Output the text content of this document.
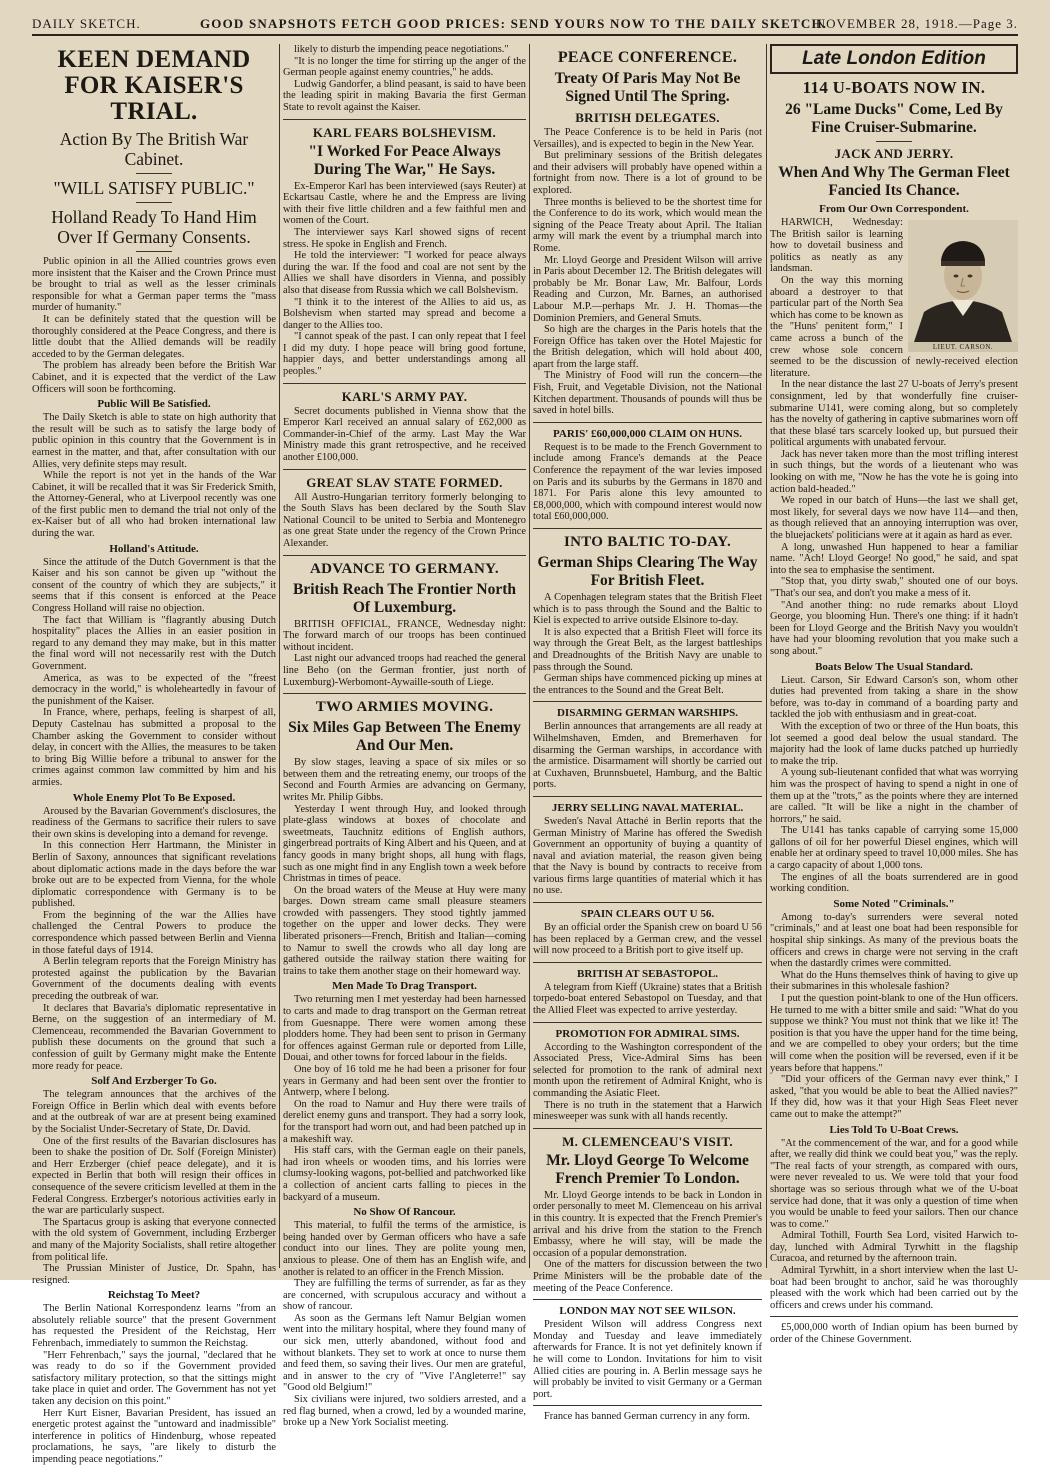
DAILY SKETCH.	GOOD SNAPSHOTS FETCH GOOD PRICES: SEND YOURS NOW TO THE DAILY SKETCH.
NOVEMBER 28, 1918.—Page 3.
KEEN DEMAND FOR KAISER'S TRIAL.
Action By The British War Cabinet.
"WILL SATISFY PUBLIC."
Holland Ready To Hand Him Over If Germany Consents.

Public opinion in all the Allied countries grows even more insistent that the Kaiser and the Crown Prince must be brought to trial as well as the lesser criminals responsible for what a German paper terms the "mass murder of humanity."

It can be definitely stated that the question will be thoroughly considered at the Peace Congress, and there is little doubt that the Allied demands will be readily acceded to by the German delegates.

The problem has already been before the British War Cabinet, and it is expected that the verdict of the Law Officers will soon be forthcoming.

Public Will Be Satisfied.

The Daily Sketch is able to state on high authority that the result will be such as to satisfy the large body of public opinion in this country that the Government is in earnest in the matter, and that, after consultation with our Allies, very definite steps may result.

While the report is not yet in the hands of the War Cabinet, it will be recalled that it was Sir Frederick Smith, the Attorney-General, who at Liverpool recently was one of the first public men to demand the trial not only of the ex-Kaiser but of all who had broken international law during the war.

Holland's Attitude.

Since the attitude of the Dutch Government is that the Kaiser and his son cannot be given up "without the consent of the country of which they are subjects," it seems that if this consent is enforced at the Peace Congress Holland will raise no objection.

The fact that William is "flagrantly abusing Dutch hospitality" places the Allies in an easier position in regard to any demand they may make, but in this matter the final word will not necessarily rest with the Dutch Government.

America, as was to be expected of the "freest democracy in the world," is wholeheartedly in favour of the punishment of the Kaiser.

In France, where, perhaps, feeling is sharpest of all, Deputy Castelnau has submitted a proposal to the Chamber asking the Government to consider without delay, in concert with the Allies, the measures to be taken to bring Big Willie before a tribunal to answer for the crimes against common law committed by him and his armies.

Whole Enemy Plot To Be Exposed.

Aroused by the Bavarian Government's disclosures, the readiness of the Germans to sacrifice their rulers to save their own skins is developing into a demand for revenge.

In this connection Herr Hartmann, the Minister in Berlin of Saxony, announces that significant revelations about diplomatic actions made in the days before the war broke out are to be expected from Vienna, for the whole diplomatic correspondence with Germany is to be published.

From the beginning of the war the Allies have challenged the Central Powers to produce the correspondence which passed between Berlin and Vienna in those fateful days of 1914.

A Berlin telegram reports that the Foreign Ministry has protested against the publication by the Bavarian Government of the documents dealing with events preceding the outbreak of war.

It declares that Bavaria's diplomatic representative in Berne, on the suggestion of an intermediary of M. Clemenceau, recommended the Bavarian Government to publish these documents on the ground that such a confession of guilt by Germany might make the Entente more ready for peace.

Solf And Erzberger To Go.

The telegram announces that the archives of the Foreign Office in Berlin which deal with events before and at the outbreak of war are at present being examined by the Socialist Under-Secretary of State, Dr. David.

One of the first results of the Bavarian disclosures has been to shake the position of Dr. Solf (Foreign Minister) and Herr Erzberger (chief peace delegate), and it is expected in Berlin that both will resign their offices in consequence of the severe criticism levelled at them in the Federal Congress. Erzberger's notorious activities early in the war are particularly suspect.

The Spartacus group is asking that everyone connected with the old system of Government, including Erzberger and many of the Majority Socialists, shall retire altogether from political life.

The Prussian Minister of Justice, Dr. Spahn, has resigned.

Reichstag To Meet?

The Berlin National Korrespondenz learns "from an absolutely reliable source" that the present Government has requested the President of the Reichstag, Herr Fehrenbach, immediately to summon the Reichstag.

"Herr Fehrenbach," says the journal, "declared that he was ready to do so if the Government provided satisfactory military protection, so that the sittings might take place in quiet and order. The Government has not yet taken any decision on this point."

Herr Kurt Eisner, Bavarian President, has issued an energetic protest against the "untoward and inadmissible" interference in politics of Hindenburg, whose repeated proclamations, he says, "are likely to disturb the impending peace negotiations."

likely to disturb the impending peace negotiations."

"It is no longer the time for stirring up the anger of the German people against enemy countries," he adds.

Ludwig Gandorfer, a blind peasant, is said to have been the leading spirit in making Bavaria the first German State to revolt against the Kaiser.

KARL FEARS BOLSHEVISM.
"I Worked For Peace Always During The War," He Says.

Ex-Emperor Karl has been interviewed (says Reuter) at Eckartsau Castle, where he and the Empress are living with their five little children and a few faithful men and women of the Court.

The interviewer says Karl showed signs of recent stress. He spoke in English and French.

He told the interviewer: "I worked for peace always during the war. If the food and coal are not sent by the Allies we shall have disorders in Vienna, and possibly also that disease from Russia which we call Bolshevism.

"I think it to the interest of the Allies to aid us, as Bolshevism when started may spread and become a danger to the Allies too.

"I cannot speak of the past. I can only repeat that I feel I did my duty. I hope peace will bring good fortune, happier days, and better understandings among all peoples."

KARL'S ARMY PAY.

Secret documents published in Vienna show that the Emperor Karl received an annual salary of £62,000 as Commander-in-Chief of the army. Last May the War Ministry made this grant retrospective, and he received another £100,000.

GREAT SLAV STATE FORMED.

All Austro-Hungarian territory formerly belonging to the South Slavs has been declared by the South Slav National Council to be united to Serbia and Montenegro as one great State under the regency of the Crown Prince Alexander.

ADVANCE TO GERMANY.
British Reach The Frontier North Of Luxemburg.

BRITISH OFFICIAL, FRANCE, Wednesday night: The forward march of our troops has been continued without incident.

Last night our advanced troops had reached the general line Beho (on the German frontier, just north of Luxemburg)-Werbomont-Aywaille-south of Liege.

TWO ARMIES MOVING.
Six Miles Gap Between The Enemy And Our Men.

By slow stages, leaving a space of six miles or so between them and the retreating enemy, our troops of the Second and Fourth Armies are advancing on Germany, writes Mr. Philip Gibbs.

Yesterday I went through Huy, and looked through plate-glass windows at boxes of chocolate and sweetmeats, Tauchnitz editions of English authors, gingerbread portraits of King Albert and his Queen, and at fancy goods in many bright shops, all hung with flags, such as one might find in any English town a week before Christmas in times of peace.

On the broad waters of the Meuse at Huy were many barges. Down stream came small pleasure steamers crowded with passengers. They stood tightly jammed together on the upper and lower decks. They were liberated prisoners—French, British and Italian—coming to Namur to swell the crowds who all day long are gathered outside the railway station there waiting for trains to take them another stage on their homeward way.

Men Made To Drag Transport.

Two returning men I met yesterday had been harnessed to carts and made to drag transport on the German retreat from Guesnappe. There were women among these plodders home. They had been sent to prison in Germany for offences against German rule or deported from Lille, Douai, and other towns for forced labour in the fields.

One boy of 16 told me he had been a prisoner for four years in Germany and had been sent over the frontier to Antwerp, where I belong.

On the road to Namur and Huy there were trails of derelict enemy guns and transport. They had a sorry look, for the transport had worn out, and had been patched up in a makeshift way.

His staff cars, with the German eagle on their panels, had iron wheels or wooden tims, and his lorries were clumsy-looking wagons, pot-bellied and patchworked like a collection of ancient carts falling to pieces in the backyard of a museum.

No Show Of Rancour.

This material, to fulfil the terms of the armistice, is being handed over by German officers who have a safe conduct into our lines. They are polite young men, anxious to please. One of them has an English wife, and another is related to an officer in the French Mission.

They are fulfilling the terms of surrender, as far as they are concerned, with scrupulous accuracy and without a show of rancour.

As soon as the Germans left Namur Belgian women went into the military hospital, where they found many of our sick men, utterly abandoned, without food and without blankets. They set to work at once to nurse them and feed them, so saving their lives. Our men are grateful, and in answer to the cry of "Vive l'Angleterre!" say "Good old Belgium!"

Six civilians were injured, two soldiers arrested, and a red flag burned, when a crowd, led by a wounded marine, broke up a New York Socialist meeting.

PEACE CONFERENCE.
Treaty Of Paris May Not Be Signed Until The Spring.
BRITISH DELEGATES.

The Peace Conference is to be held in Paris (not Versailles), and is expected to begin in the New Year.

But preliminary sessions of the British delegates and their advisers will probably have opened within a fortnight from now. There is a lot of ground to be explored.

Three months is believed to be the shortest time for the Conference to do its work, which would mean the signing of the Peace Treaty about April. The Italian army will mark the event by a triumphal march into Rome.

Mr. Lloyd George and President Wilson will arrive in Paris about December 12. The British delegates will probably be Mr. Bonar Law, Mr. Balfour, Lords Reading and Curzon, Mr. Barnes, an authorised Labour M.P.—perhaps Mr. J. H. Thomas—the Dominion Premiers, and General Smuts.

So high are the charges in the Paris hotels that the Foreign Office has taken over the Hotel Majestic for the British delegation, which will hold about 400, apart from the large staff.

The Ministry of Food will run the concern—the Fish, Fruit, and Vegetable Division, not the National Kitchen department. Thousands of pounds will thus be saved in hotel bills.

PARIS' £60,000,000 CLAIM ON HUNS.

Request is to be made to the French Government to include among France's demands at the Peace Conference the repayment of the war levies imposed on Paris and its suburbs by the Germans in 1870 and 1871. For Paris alone this levy amounted to £8,000,000, which with compound interest would now total £60,000,000.

INTO BALTIC TO-DAY.
German Ships Clearing The Way For British Fleet.

A Copenhagen telegram states that the British Fleet which is to pass through the Sound and the Baltic to Kiel is expected to arrive outside Elsinore to-day.

It is also expected that a British Fleet will force its way through the Great Belt, as the largest battleships and Dreadnoughts of the British Navy are unable to pass through the Sound.

German ships have commenced picking up mines at the entrances to the Sound and the Great Belt.

DISARMING GERMAN WARSHIPS.

Berlin announces that arrangements are all ready at Wilhelmshaven, Emden, and Bremerhaven for disarming the German warships, in accordance with the armistice. Disarmament will shortly be carried out at Cuxhaven, Brunnsbuetel, Hamburg, and the Baltic ports.

JERRY SELLING NAVAL MATERIAL.

Sweden's Naval Attaché in Berlin reports that the German Ministry of Marine has offered the Swedish Government an opportunity of buying a quantity of naval and aviation material, the reason given being that the Navy is bound by contracts to receive from various firms large quantities of material which it has no use.

SPAIN CLEARS OUT U 56.

By an official order the Spanish crew on board U 56 has been replaced by a German crew, and the vessel will now proceed to a British port to give itself up.

BRITISH AT SEBASTOPOL.

A telegram from Kieff (Ukraine) states that a British torpedo-boat entered Sebastopol on Tuesday, and that the Allied Fleet was expected to arrive yesterday.

PROMOTION FOR ADMIRAL SIMS.

According to the Washington correspondent of the Associated Press, Vice-Admiral Sims has been selected for promotion to the rank of admiral next month upon the retirement of Admiral Knight, who is commanding the Asiatic Fleet.

There is no truth in the statement that a Harwich minesweeper was sunk with all hands recently.

M. CLEMENCEAU'S VISIT.
Mr. Lloyd George To Welcome French Premier To London.

Mr. Lloyd George intends to be back in London in order personally to meet M. Clemenceau on his arrival in this country. It is expected that the French Premier's arrival and his drive from the station to the French Embassy, where he will stay, will be made the occasion of a popular demonstration.

One of the matters for discussion between the two Prime Ministers will be the probable date of the meeting of the Peace Conference.

LONDON MAY NOT SEE WILSON.

President Wilson will address Congress next Monday and Tuesday and leave immediately afterwards for France. It is not yet definitely known if he will come to London. Invitations for him to visit Allied cities are pouring in. A Berlin message says he will probably be invited to visit Germany or a German port.

France has banned German currency in any form.

Late London Edition
114 U-BOATS NOW IN.
26 "Lame Ducks" Come, Led By Fine Cruiser-Submarine.
JACK AND JERRY.
When And Why The German Fleet Fancied Its Chance.
From Our Own Correspondent.
LIEUT. CARSON.

HARWICH, Wednesday: The British sailor is learning how to dovetail business and politics as neatly as any landsman.

On the way this morning aboard a destroyer to that particular part of the North Sea which has come to be known as the "Huns' penitent form," I came across a bunch of the crew whose sole concern seemed to be the discussion of newly-received election literature.

In the near distance the last 27 U-boats of Jerry's present consignment, led by that wonderfully fine cruiser-submarine U141, were coming along, but so completely has the novelty of gathering in captive submarines worn off that these blasé tars scarcely looked up, but pursued their political arguments with unabated fervour.

Jack has never taken more than the most trifling interest in such things, but the words of a lieutenant who was looking on with me, "Now he has the vote he is going into action bald-headed."

We roped in our batch of Huns—the last we shall get, most likely, for several days we now have 114—and then, as though relieved that an annoying interruption was over, the bluejackets' politicians were at it again as hard as ever.

A long, unwashed Hun happened to hear a familiar name. "Ach! Lloyd George! No good," he said, and spat into the sea to emphasise the sentiment.

"Stop that, you dirty swab," shouted one of our boys. "That's our sea, and don't you make a mess of it.

"And another thing: no rude remarks about Lloyd George, you blooming Hun. There's one thing: if it hadn't been for Lloyd George and the British Navy you wouldn't have had your blooming revolution that you make such a song about."

Boats Below The Usual Standard.

Lieut. Carson, Sir Edward Carson's son, whom other duties had prevented from taking a share in the show before, was to-day in command of a boarding party and tackled the job with enthusiasm and in great-coat.

With the exception of two or three of the Hun boats, this lot seemed a good deal below the usual standard. The majority had the look of lame ducks patched up hurriedly to make the trip.

A young sub-lieutenant confided that what was worrying him was the prospect of having to spend a night in one of them up at the "trots," as the points where they are interned are called. "It will be like a night in the chamber of horrors," he said.

The U141 has tanks capable of carrying some 15,000 gallons of oil for her powerful Diesel engines, which will enable her at ordinary speed to travel 10,000 miles. She has a cargo capacity of about 1,000 tons.

The engines of all the boats surrendered are in good working condition.

Some Noted "Criminals."

Among to-day's surrenders were several noted "criminals," and at least one boat had been responsible for hospital ship sinkings. As many of the previous boats the officers and crews in charge were not serving in the craft when the dastardly crimes were committed.

What do the Huns themselves think of having to give up their submarines in this wholesale fashion?

I put the question point-blank to one of the Hun officers. He turned to me with a bitter smile and said: "What do you suppose we think? You must not think that we like it! The position is that you have the upper hand for the time being, and we are compelled to obey your orders; but the time will come when the position will be reversed, even if it be years before that happens."

"Did your officers of the German navy ever think," I asked, "that you would be able to beat the Allied navies?" If they did, how was it that your High Seas Fleet never came out to make the attempt?"

Lies Told To U-Boat Crews.

"At the commencement of the war, and for a good while after, we really did think we could beat you," was the reply. "The real facts of your strength, as compared with ours, were never revealed to us. We were told that your food shortage was so serious through what we of the U-boat service had done, that it was only a question of time when you would be unable to feed your sailors. Then our chance was to come."

Admiral Tothill, Fourth Sea Lord, visited Harwich to-day, lunched with Admiral Tyrwhitt in the flagship Curacoa, and returned by the afternoon train.

Admiral Tyrwhitt, in a short interview when the last U-boat had been brought to anchor, said he was thoroughly pleased with the work which had been carried out by the officers and crews under his command.

£5,000,000 worth of Indian opium has been burned by order of the Chinese Government.
